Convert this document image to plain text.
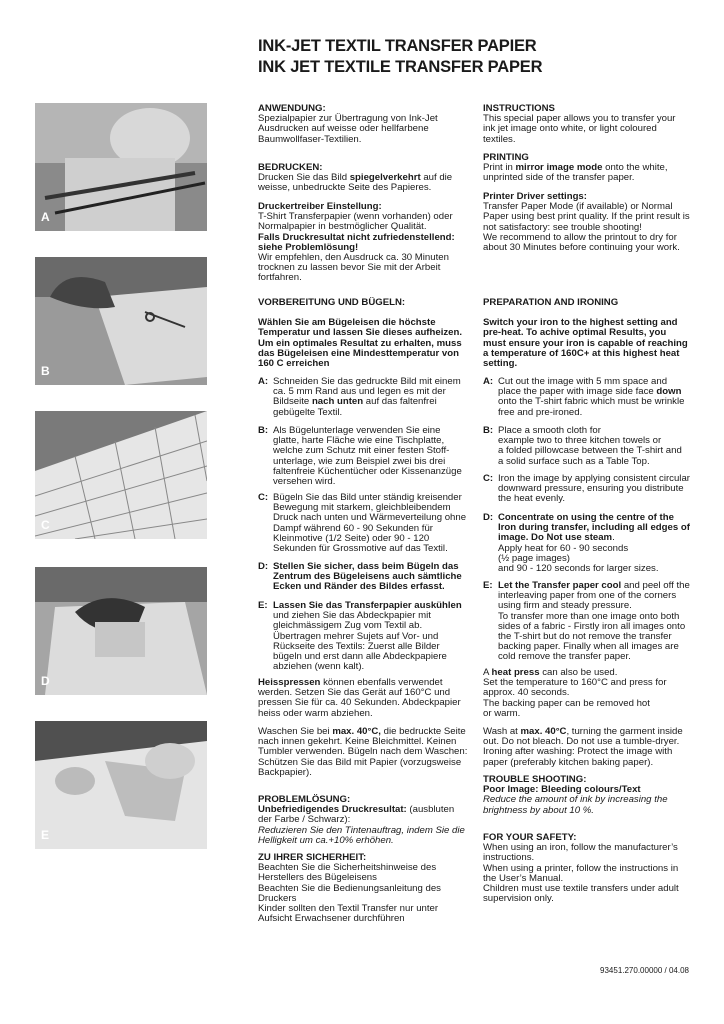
INK-JET TEXTIL TRANSFER PAPIER
INK JET TEXTILE TRANSFER PAPER
A
B
C
D
E

ANWENDUNG:

Spezialpapier zur Übertragung von Ink-Jet Ausdrucken auf weisse oder hellfarbene Baumwollfaser-Textilien.

BEDRUCKEN:

Drucken Sie das Bild spiegelverkehrt auf die weisse, unbedruckte Seite des Papieres.

Druckertreiber Einstellung:

T-Shirt Transferpapier (wenn vorhanden) oder Normalpapier in bestmöglicher Qualität.

Falls Druckresultat nicht zufriedenstellend: siehe Problemlösung!

Wir empfehlen, den Ausdruck ca. 30 Minuten trocknen zu lassen bevor Sie mit der Arbeit fortfahren.

VORBEREITUNG UND BÜGELN:

Wählen Sie am Bügeleisen die höchste Temperatur und lassen Sie dieses aufheizen. Um ein optimales Resultat zu erhalten, muss das Bügeleisen eine Mindesttemperatur von 160 C erreichen

A: Schneiden Sie das gedruckte Bild mit einem ca. 5 mm Rand aus und legen es mit der Bildseite nach unten auf das faltenfrei gebügelte Textil.

B: Als Bügelunterlage verwenden Sie eine glatte, harte Fläche wie eine Tischplatte, welche zum Schutz mit einer festen Stoff-unterlage, wie zum Beispiel zwei bis drei faltenfreie Küchentücher oder Kissenanzüge versehen wird.

C: Bügeln Sie das Bild unter ständig kreisender Bewegung mit starkem, gleichbleibendem Druck nach unten und Wärmeverteilung ohne Dampf während 60 - 90 Sekunden für Kleinmotive (1/2 Seite) oder 90 - 120 Sekunden für Grossmotive auf das Textil.

D: Stellen Sie sicher, dass beim Bügeln das Zentrum des Bügeleisens auch sämtliche Ecken und Ränder des Bildes erfasst.

E: Lassen Sie das Transferpapier auskühlen und ziehen Sie das Abdeckpapier mit gleichmässigem Zug vom Textil ab. Übertragen mehrer Sujets auf Vor- und Rückseite des Textils: Zuerst alle Bilder bügeln und erst dann alle Abdeckpapiere abziehen (wenn kalt).

Heisspressen können ebenfalls verwendet werden. Setzen Sie das Gerät auf 160°C und pressen Sie für ca. 40 Sekunden. Abdeckpapier heiss oder warm abziehen.

Waschen Sie bei max. 40°C, die bedruckte Seite nach innen gekehrt. Keine Bleichmittel. Keinen Tumbler verwenden. Bügeln nach dem Waschen: Schützen Sie das Bild mit Papier (vorzugsweise Backpapier).

PROBLEMLÖSUNG:

Unbefriedigendes Druckresultat: (ausbluten der Farbe / Schwarz):

Reduzieren Sie den Tintenauftrag, indem Sie die Helligkeit um ca.+10% erhöhen.

ZU IHRER SICHERHEIT:

Beachten Sie die Sicherheitshinweise des Herstellers des Bügeleisens
Beachten Sie die Bedienungsanleitung des Druckers
Kinder sollten den Textil Transfer nur unter Aufsicht Erwachsener durchführen

INSTRUCTIONS

This special paper allows you to transfer your ink jet image onto white, or light coloured textiles.

PRINTING

Print in mirror image mode onto the white, unprinted side of the transfer paper.

Printer Driver settings:

Transfer Paper Mode (if available) or Normal Paper using best print quality. If the print result is not satisfactory: see trouble shooting!
We recommend to allow the printout to dry for about 30 Minutes before continuing your work.

PREPARATION AND IRONING

Switch your iron to the highest setting and pre-heat. To achive optimal Results, you must ensure your iron is capable of reaching a temperature of 160C+ at this highest heat setting.

A: Cut out the image with 5 mm space and place the paper with image side face down onto the T-shirt fabric which must be wrinkle free and pre-ironed.

B: Place a smooth cloth for
example two to three kitchen towels or
a folded pillowcase between the T-shirt and
a solid surface such as a Table Top.

C: Iron the image by applying consistent circular downward pressure, ensuring you distribute the heat evenly.

D: Concentrate on using the centre of the Iron during transfer, including all edges of image. Do Not use steam.
Apply heat for 60 - 90 seconds
(½ page images)
and 90 - 120 seconds for larger sizes.

E: Let the Transfer paper cool and peel off the interleaving paper from one of the corners using firm and steady pressure.
To transfer more than one image onto both sides of a fabric - Firstly iron all images onto the T-shirt but do not remove the transfer backing paper. Finally when all images are cold remove the transfer paper.

A heat press can also be used.
Set the temperature to 160°C and press for approx. 40 seconds.
The backing paper can be removed hot
or warm.

Wash at max. 40°C, turning the garment inside out. Do not bleach. Do not use a tumble-dryer. Ironing after washing: Protect the image with paper (preferably kitchen baking paper).

TROUBLE SHOOTING:

Poor Image: Bleeding colours/Text

Reduce the amount of ink by increasing the brightness by about 10 %.

FOR YOUR SAFETY:

When using an iron, follow the manufacturer’s instructions.
When using a printer, follow the instructions in the User’s Manual.
Children must use textile transfers under adult supervision only.

93451.270.00000 / 04.08
